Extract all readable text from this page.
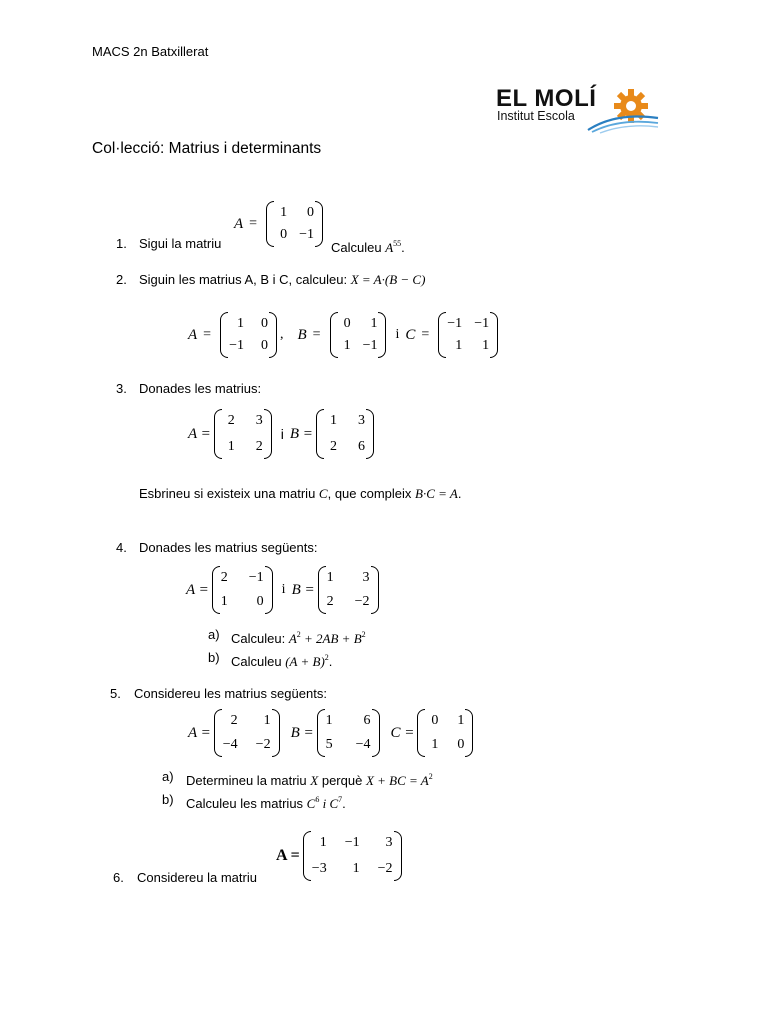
MACS 2n Batxillerat
EL MOLÍ
Institut Escola
Col·lecció: Matrius i determinants
1. Sigui la matriu
A =
1	0
0 −1
Calculeu $A^{55}$.
2. Siguin les matrius A, B i C, calculeu: X = A·(B − C)
A =
1	0
−1	0
, B =
0	1
1 −1
i C =
−1 −1
1	1
3. Donades les matrius:
A =
2	3
1	2
i B =
1	3
2	6
Esbrineu si existeix una matriu C, que compleix B·C = A.
4. Donades les matrius següents:
A =
2	−1
1	0
i B =
1	3
2	−2
a) Calculeu: $A^2 + 2AB + B^2$
b) Calculeu $(A + B)^2$.
5. Considereu les matrius següents:
A =
2	1
−4 −2
B =
1	6
5	−4
C =
0	1
1	0
a) Determineu la matriu X perquè X + BC = $A^2$
b) Calculeu les matrius $C^6$ i $C^7$.
6. Considereu la matriu
A =
1 −1	3
−3	1 −2
